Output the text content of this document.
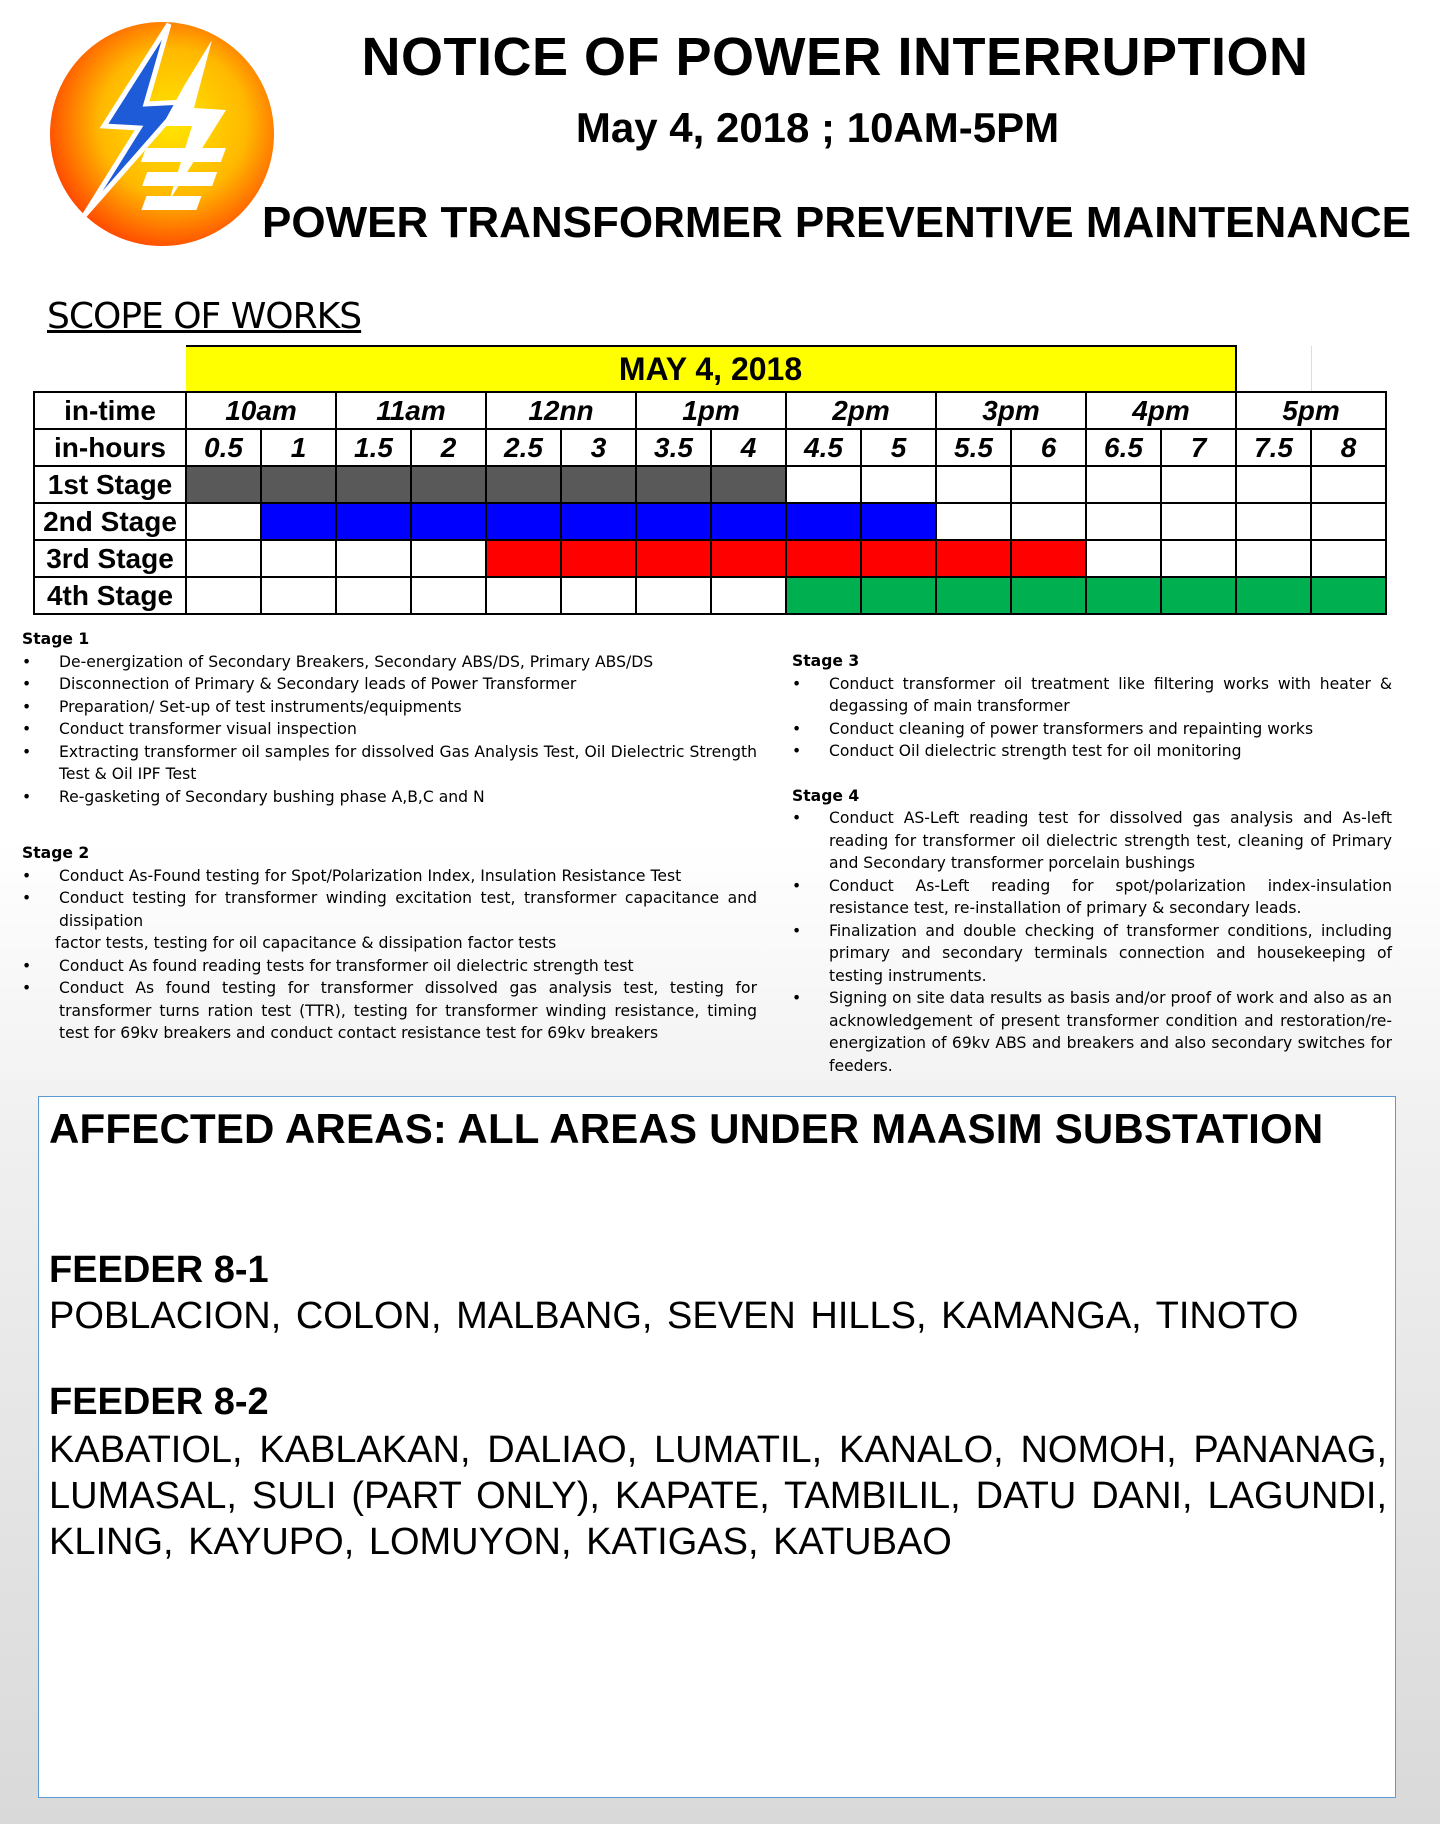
NOTICE OF POWER INTERRUPTION
May 4, 2018 ; 10AM-5PM
POWER TRANSFORMER PREVENTIVE MAINTENANCE
SCOPE OF WORKS
	MAY 4, 2018															
in-time	10am		11am		12nn		1pm		2pm		3pm		4pm		5pm	
in-hours	0.5	1	1.5	2	2.5	3	3.5	4	4.5	5	5.5	6	6.5	7	7.5	8
1st Stage																
2nd Stage																
3rd Stage																
4th Stage																
Stage 1
• De-energization of Secondary Breakers, Secondary ABS/DS, Primary ABS/DS
• Disconnection of Primary & Secondary leads of Power Transformer
• Preparation/ Set-up of test instruments/equipments
• Conduct transformer visual inspection
• Extracting transformer oil samples for dissolved Gas Analysis Test, Oil Dielectric Strength Test & Oil IPF Test
• Re-gasketing of Secondary bushing phase A,B,C and N
Stage 2
• Conduct As-Found testing for Spot/Polarization Index, Insulation Resistance Test
• Conduct testing for transformer winding excitation test, transformer capacitance and dissipation
factor tests, testing for oil capacitance & dissipation factor tests
• Conduct As found reading tests for transformer oil dielectric strength test
• Conduct As found testing for transformer dissolved gas analysis test, testing for transformer turns ration test (TTR), testing for transformer winding resistance, timing test for 69kv breakers and conduct contact resistance test for 69kv breakers
Stage 3
• Conduct transformer oil treatment like filtering works with heater & degassing of main transformer
• Conduct cleaning of power transformers and repainting works
• Conduct Oil dielectric strength test for oil monitoring
Stage 4
• Conduct AS-Left reading test for dissolved gas analysis and As-left reading for transformer oil dielectric strength test, cleaning of Primary and Secondary transformer porcelain bushings
• Conduct As-Left reading for spot/polarization index-insulation resistance test, re-installation of primary & secondary leads.
• Finalization and double checking of transformer conditions, including primary and secondary terminals connection and housekeeping of testing instruments.
• Signing on site data results as basis and/or proof of work and also as an acknowledgement of present transformer condition and restoration/re-energization of 69kv ABS and breakers and also secondary switches for feeders.
AFFECTED AREAS: ALL AREAS UNDER MAASIM SUBSTATION
FEEDER 8-1
POBLACION, COLON, MALBANG, SEVEN HILLS, KAMANGA, TINOTO
FEEDER 8-2
KABATIOL, KABLAKAN, DALIAO, LUMATIL, KANALO, NOMOH, PANANAG, LUMASAL, SULI (PART ONLY), KAPATE, TAMBILIL, DATU DANI, LAGUNDI, KLING, KAYUPO, LOMUYON, KATIGAS, KATUBAO
